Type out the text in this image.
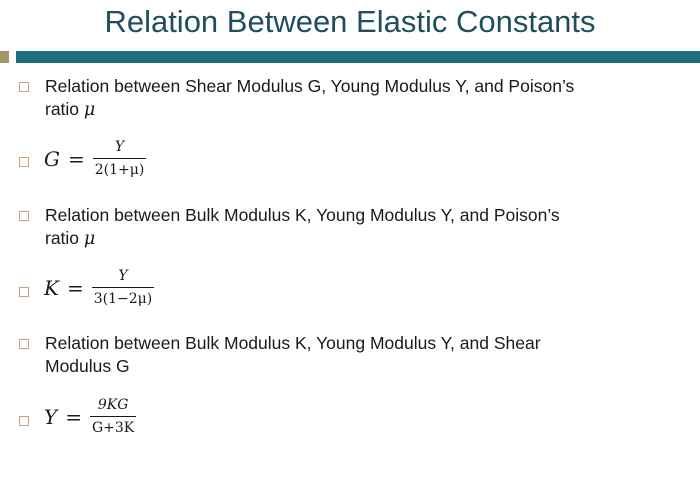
Relation Between Elastic Constants
Relation between Shear Modulus G, Young Modulus Y, and Poison’s
ratio μ
$G = \frac{Y}{2(1+\mu)}$
Relation between Bulk Modulus K, Young Modulus Y, and Poison’s
ratio μ
$K = \frac{Y}{3(1-2\mu)}$
Relation between Bulk Modulus K, Young Modulus Y, and Shear
Modulus G
$Y = \frac{9KG}{G+3K}$
